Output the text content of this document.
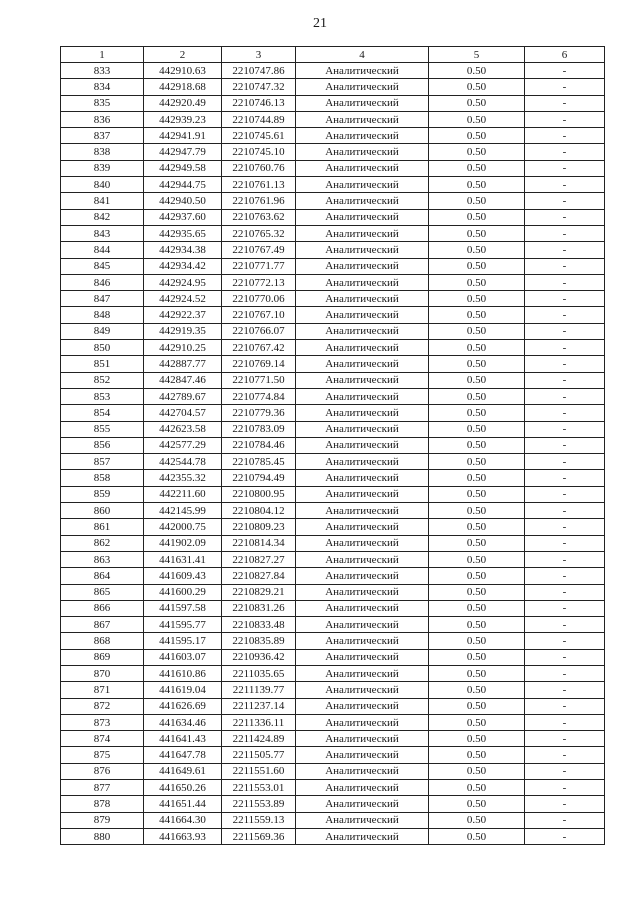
21
1	2	3	4	5	6
833	442910.63	2210747.86	Аналитический	0.50	-
834	442918.68	2210747.32	Аналитический	0.50	-
835	442920.49	2210746.13	Аналитический	0.50	-
836	442939.23	2210744.89	Аналитический	0.50	-
837	442941.91	2210745.61	Аналитический	0.50	-
838	442947.79	2210745.10	Аналитический	0.50	-
839	442949.58	2210760.76	Аналитический	0.50	-
840	442944.75	2210761.13	Аналитический	0.50	-
841	442940.50	2210761.96	Аналитический	0.50	-
842	442937.60	2210763.62	Аналитический	0.50	-
843	442935.65	2210765.32	Аналитический	0.50	-
844	442934.38	2210767.49	Аналитический	0.50	-
845	442934.42	2210771.77	Аналитический	0.50	-
846	442924.95	2210772.13	Аналитический	0.50	-
847	442924.52	2210770.06	Аналитический	0.50	-
848	442922.37	2210767.10	Аналитический	0.50	-
849	442919.35	2210766.07	Аналитический	0.50	-
850	442910.25	2210767.42	Аналитический	0.50	-
851	442887.77	2210769.14	Аналитический	0.50	-
852	442847.46	2210771.50	Аналитический	0.50	-
853	442789.67	2210774.84	Аналитический	0.50	-
854	442704.57	2210779.36	Аналитический	0.50	-
855	442623.58	2210783.09	Аналитический	0.50	-
856	442577.29	2210784.46	Аналитический	0.50	-
857	442544.78	2210785.45	Аналитический	0.50	-
858	442355.32	2210794.49	Аналитический	0.50	-
859	442211.60	2210800.95	Аналитический	0.50	-
860	442145.99	2210804.12	Аналитический	0.50	-
861	442000.75	2210809.23	Аналитический	0.50	-
862	441902.09	2210814.34	Аналитический	0.50	-
863	441631.41	2210827.27	Аналитический	0.50	-
864	441609.43	2210827.84	Аналитический	0.50	-
865	441600.29	2210829.21	Аналитический	0.50	-
866	441597.58	2210831.26	Аналитический	0.50	-
867	441595.77	2210833.48	Аналитический	0.50	-
868	441595.17	2210835.89	Аналитический	0.50	-
869	441603.07	2210936.42	Аналитический	0.50	-
870	441610.86	2211035.65	Аналитический	0.50	-
871	441619.04	2211139.77	Аналитический	0.50	-
872	441626.69	2211237.14	Аналитический	0.50	-
873	441634.46	2211336.11	Аналитический	0.50	-
874	441641.43	2211424.89	Аналитический	0.50	-
875	441647.78	2211505.77	Аналитический	0.50	-
876	441649.61	2211551.60	Аналитический	0.50	-
877	441650.26	2211553.01	Аналитический	0.50	-
878	441651.44	2211553.89	Аналитический	0.50	-
879	441664.30	2211559.13	Аналитический	0.50	-
880	441663.93	2211569.36	Аналитический	0.50	-
